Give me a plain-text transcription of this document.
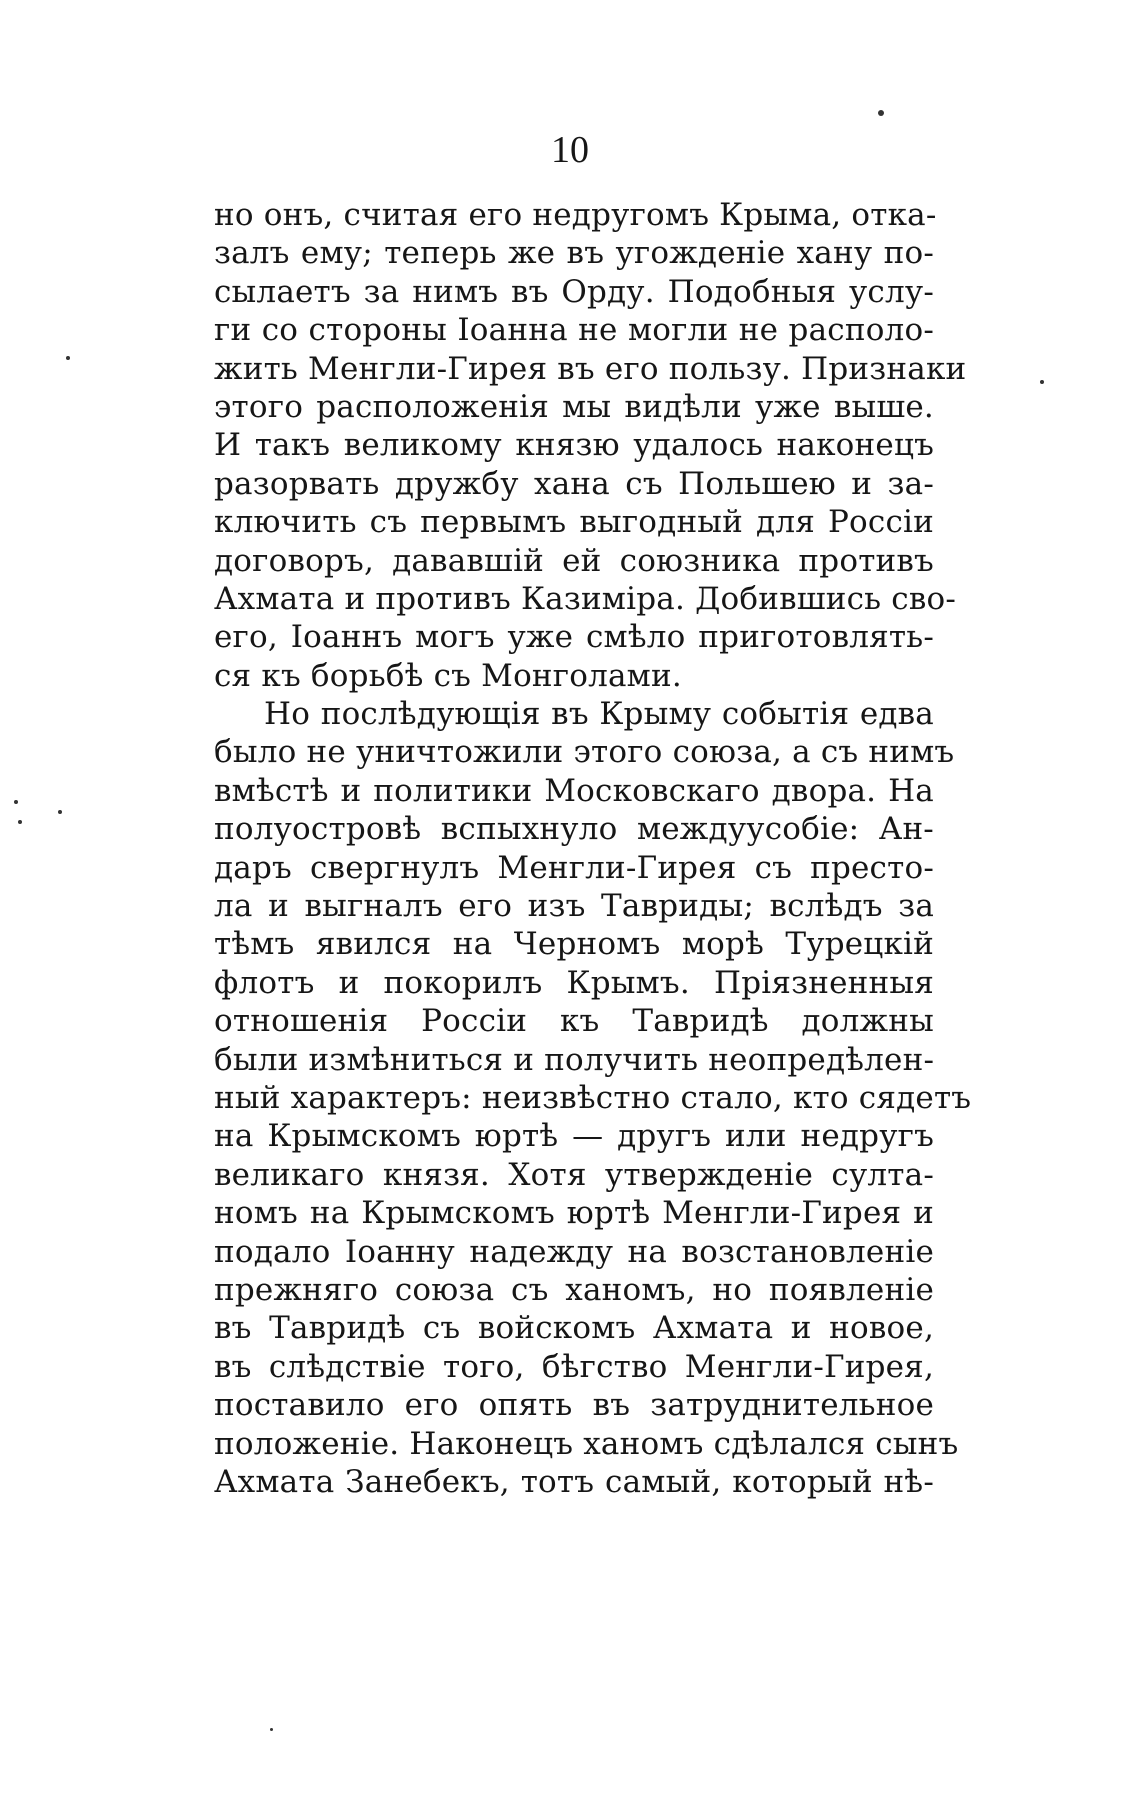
10
но онъ, считая его недругомъ Крыма, отка-
залъ ему; теперь же въ угожденіе хану по-
сылаетъ за нимъ въ Орду. Подобныя услу-
ги со стороны Іоанна не могли не располо-
жить Менгли-Гирея въ его пользу. Признаки
этого расположенія мы видѣли уже выше.
И такъ великому князю удалось наконецъ
разорвать дружбу хана съ Польшею и за-
ключить съ первымъ выгодный для Россіи
договоръ, дававшій ей союзника противъ
Ахмата и противъ Казиміра. Добившись сво-
его, Іоаннъ могъ уже смѣло приготовлять-
ся къ борьбѣ съ Монголами.
Но послѣдующія въ Крыму событія едва
было не уничтожили этого союза, а съ нимъ
вмѣстѣ и политики Московскаго двора. На
полуостровѣ вспыхнуло междуусобіе: Ан-
даръ свергнулъ Менгли-Гирея съ престо-
ла и выгналъ его изъ Тавриды; вслѣдъ за
тѣмъ явился на Черномъ морѣ Турецкій
флотъ и покорилъ Крымъ. Пріязненныя
отношенія Россіи къ Тавридѣ должны
были измѣниться и получить неопредѣлен-
ный характеръ: неизвѣстно стало, кто сядетъ
на Крымскомъ юртѣ — другъ или недругъ
великаго князя. Хотя утвержденіе султа-
номъ на Крымскомъ юртѣ Менгли-Гирея и
подало Іоанну надежду на возстановленіе
прежняго союза съ ханомъ, но появленіе
въ Тавридѣ съ войскомъ Ахмата и новое,
въ слѣдствіе того, бѣгство Менгли-Гирея,
поставило его опять въ затруднительное
положеніе. Наконецъ ханомъ сдѣлался сынъ
Ахмата Занебекъ, тотъ самый, который нѣ-
